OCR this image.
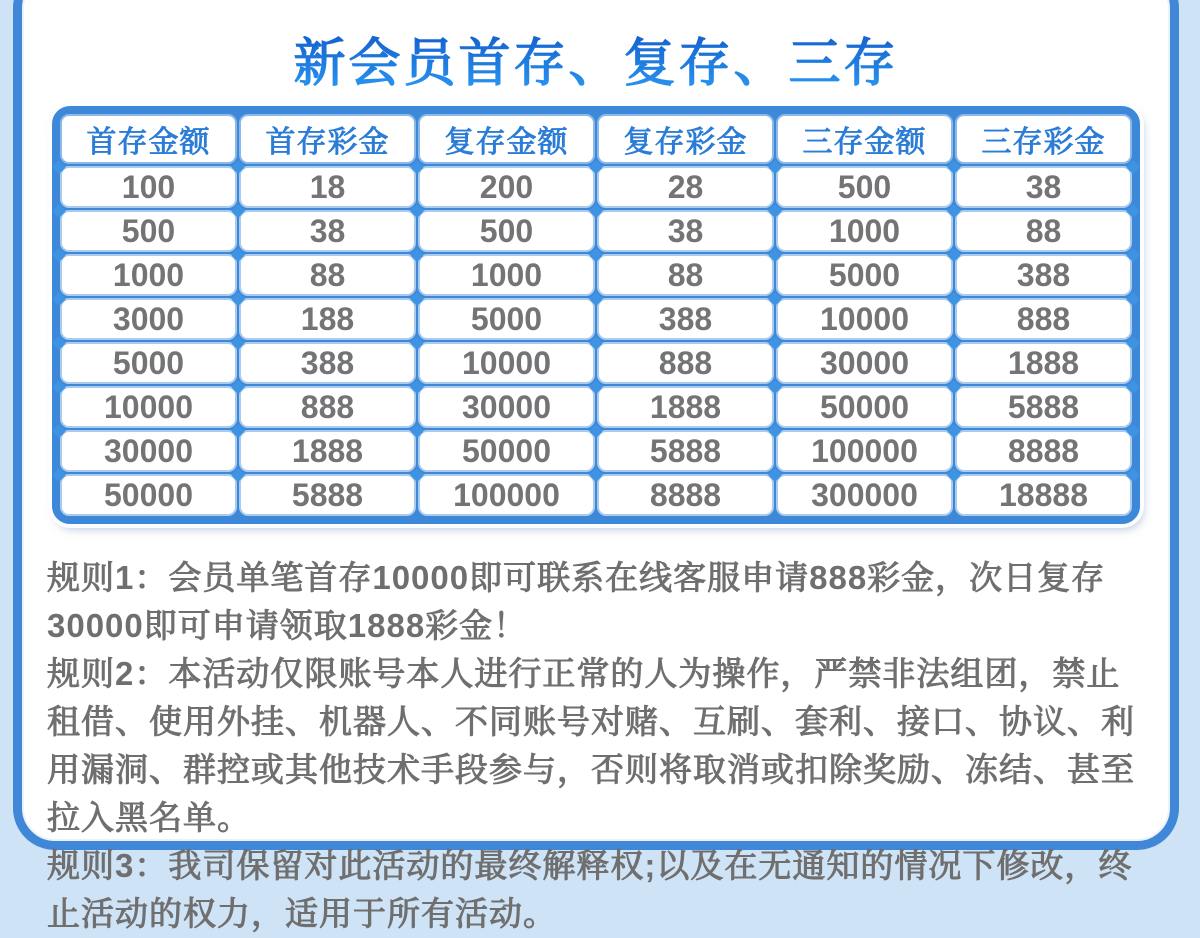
新会员首存、复存、三存
首存金额	首存彩金	复存金额	复存彩金	三存金额	三存彩金
100	18	200	28	500	38
500	38	500	38	1000	88
1000	88	1000	88	5000	388
3000	188	5000	388	10000	888
5000	388	10000	888	30000	1888
10000	888	30000	1888	50000	5888
30000	1888	50000	5888	100000	8888
50000	5888	100000	8888	300000	18888

规则1：会员单笔首存10000即可联系在线客服申请888彩金，次日复存30000即可申请领取1888彩金！

规则2：本活动仅限账号本人进行正常的人为操作，严禁非法组团，禁止租借、使用外挂、机器人、不同账号对赌、互刷、套利、接口、协议、利用漏洞、群控或其他技术手段参与，否则将取消或扣除奖励、冻结、甚至拉入黑名单。

规则3：我司保留对此活动的最终解释权;以及在无通知的情况下修改，终止活动的权力，适用于所有活动。
